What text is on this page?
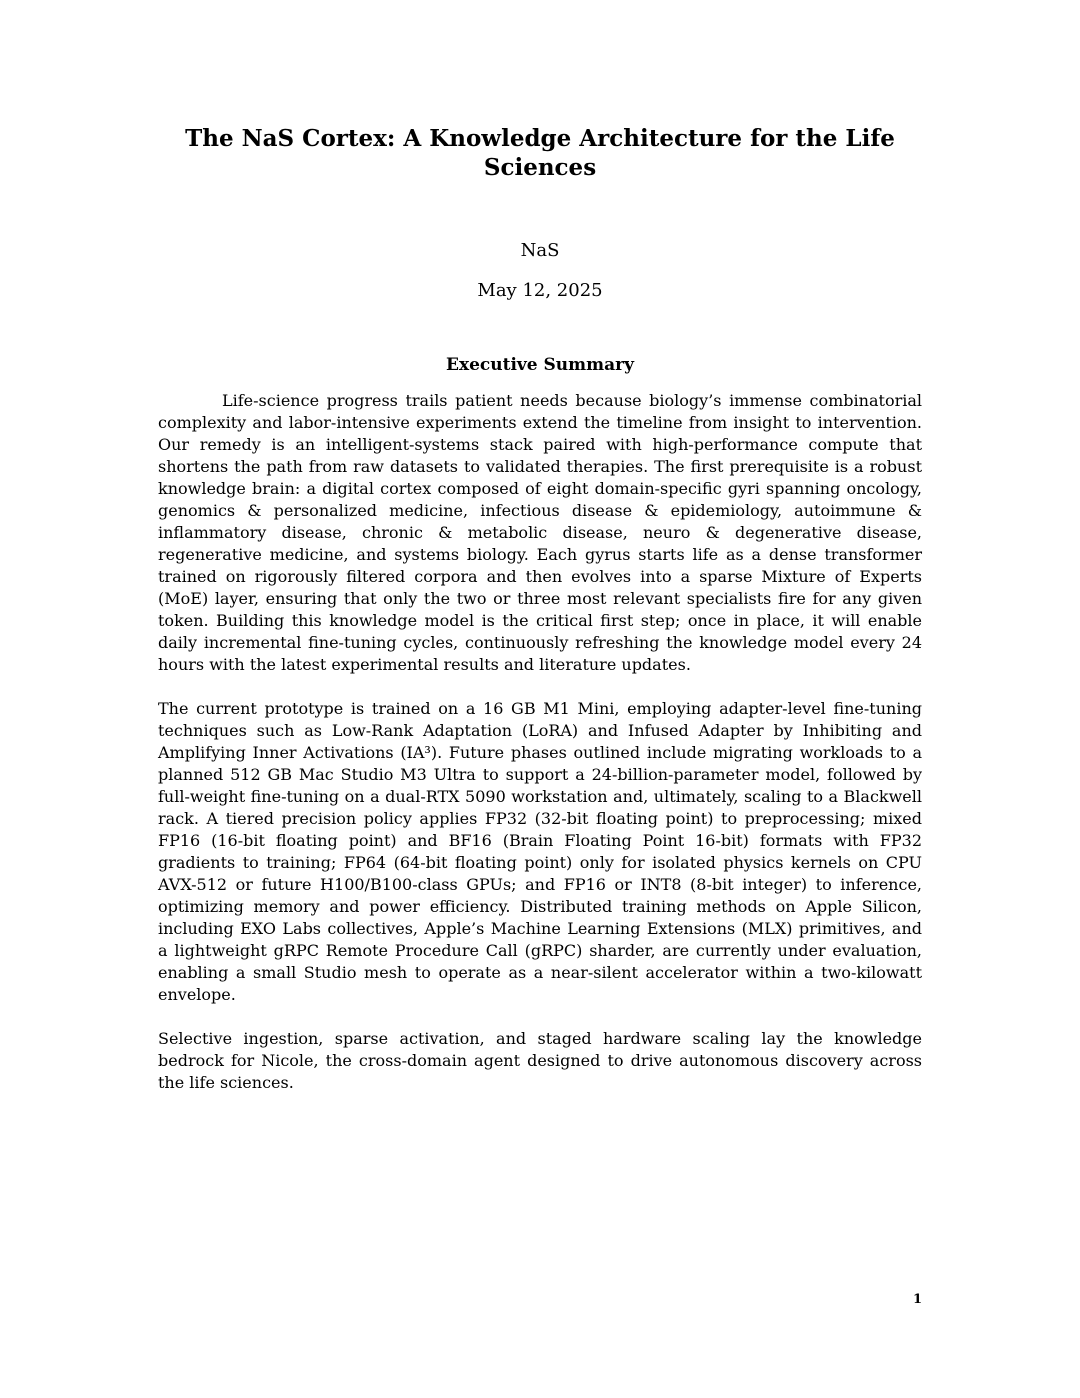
The NaS Cortex: A Knowledge Architecture for the Life Sciences
NaS
May 12, 2025
Executive Summary

Life-science progress trails patient needs because biology’s immense combinatorial complexity and labor-intensive experiments extend the timeline from insight to intervention. Our remedy is an intelligent-systems stack paired with high-performance compute that shortens the path from raw datasets to validated therapies. The first prerequisite is a robust knowledge brain: a digital cortex composed of eight domain-specific gyri spanning oncology, genomics & personalized medicine, infectious disease & epidemiology, autoimmune & inflammatory disease, chronic & metabolic disease, neuro & degenerative disease, regenerative medicine, and systems biology. Each gyrus starts life as a dense transformer trained on rigorously filtered corpora and then evolves into a sparse Mixture of Experts (MoE) layer, ensuring that only the two or three most relevant specialists fire for any given token. Building this knowledge model is the critical first step; once in place, it will enable daily incremental fine-tuning cycles, continuously refreshing the knowledge model every 24 hours with the latest experimental results and literature updates.

The current prototype is trained on a 16 GB M1 Mini, employing adapter-level fine-tuning techniques such as Low-Rank Adaptation (LoRA) and Infused Adapter by Inhibiting and Amplifying Inner Activations (IA³). Future phases outlined include migrating workloads to a planned 512 GB Mac Studio M3 Ultra to support a 24-billion-parameter model, followed by full-weight fine-tuning on a dual-RTX 5090 workstation and, ultimately, scaling to a Blackwell rack. A tiered precision policy applies FP32 (32-bit floating point) to preprocessing; mixed FP16 (16-bit floating point) and BF16 (Brain Floating Point 16-bit) formats with FP32 gradients to training; FP64 (64-bit floating point) only for isolated physics kernels on CPU AVX-512 or future H100/B100-class GPUs; and FP16 or INT8 (8-bit integer) to inference, optimizing memory and power efficiency. Distributed training methods on Apple Silicon, including EXO Labs collectives, Apple’s Machine Learning Extensions (MLX) primitives, and a lightweight gRPC Remote Procedure Call (gRPC) sharder, are currently under evaluation, enabling a small Studio mesh to operate as a near-silent accelerator within a two-kilowatt envelope.

Selective ingestion, sparse activation, and staged hardware scaling lay the knowledge bedrock for Nicole, the cross-domain agent designed to drive autonomous discovery across the life sciences.

1
